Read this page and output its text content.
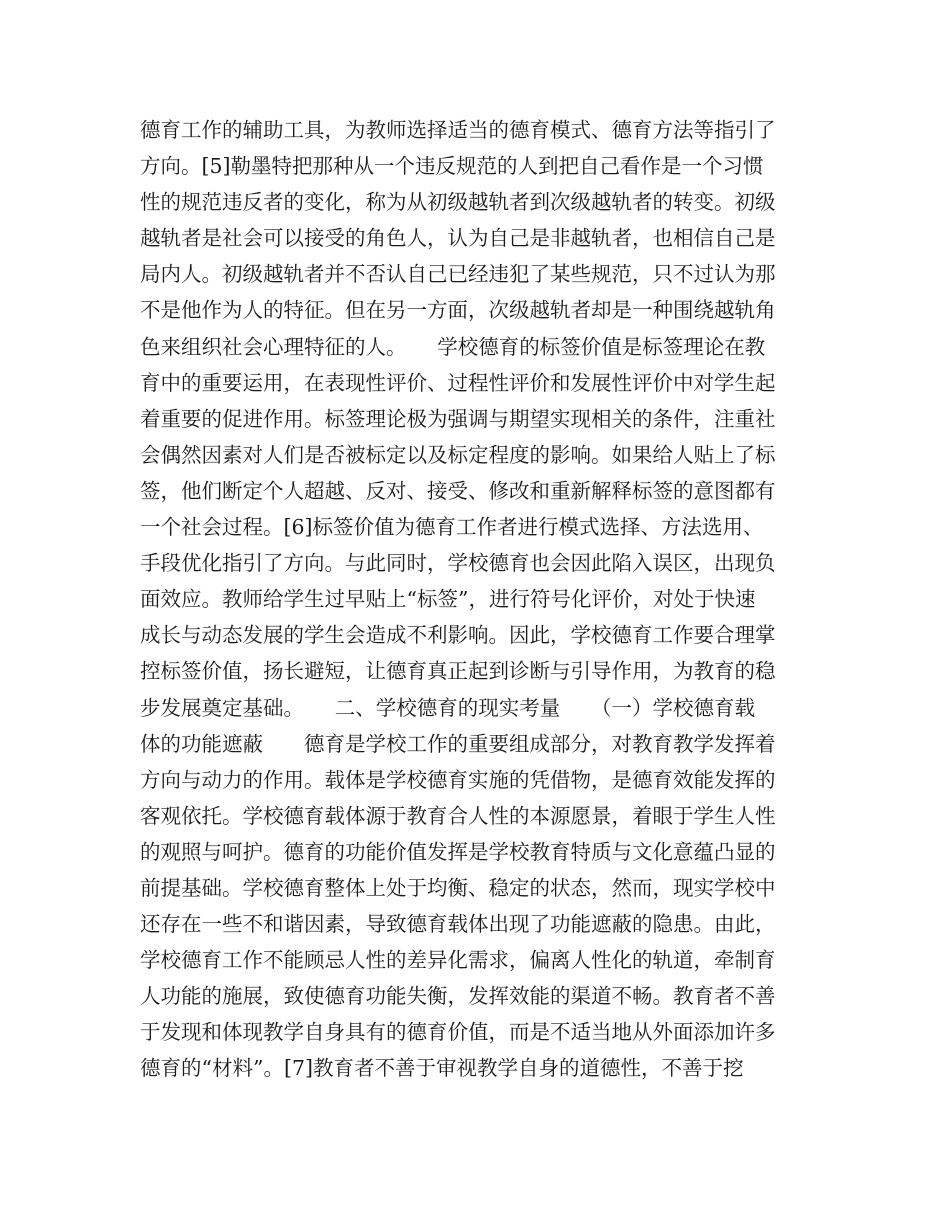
德育工作的辅助工具，为教师选择适当的德育模式、德育方法等指引了
方向。[5]勒墨特把那种从一个违反规范的人到把自己看作是一个习惯
性的规范违反者的变化，称为从初级越轨者到次级越轨者的转变。初级
越轨者是社会可以接受的角色人，认为自己是非越轨者，也相信自己是
局内人。初级越轨者并不否认自己已经违犯了某些规范，只不过认为那
不是他作为人的特征。但在另一方面，次级越轨者却是一种围绕越轨角
色来组织社会心理特征的人。　　学校德育的标签价值是标签理论在教
育中的重要运用，在表现性评价、过程性评价和发展性评价中对学生起
着重要的促进作用。标签理论极为强调与期望实现相关的条件，注重社
会偶然因素对人们是否被标定以及标定程度的影响。如果给人贴上了标
签，他们断定个人超越、反对、接受、修改和重新解释标签的意图都有
一个社会过程。[6]标签价值为德育工作者进行模式选择、方法选用、
手段优化指引了方向。与此同时，学校德育也会因此陷入误区，出现负
面效应。教师给学生过早贴上“标签”，进行符号化评价，对处于快速
成长与动态发展的学生会造成不利影响。因此，学校德育工作要合理掌
控标签价值，扬长避短，让德育真正起到诊断与引导作用，为教育的稳
步发展奠定基础。　　二、学校德育的现实考量　　（一）学校德育载
体的功能遮蔽　　德育是学校工作的重要组成部分，对教育教学发挥着
方向与动力的作用。载体是学校德育实施的凭借物，是德育效能发挥的
客观依托。学校德育载体源于教育合人性的本源愿景，着眼于学生人性
的观照与呵护。德育的功能价值发挥是学校教育特质与文化意蕴凸显的
前提基础。学校德育整体上处于均衡、稳定的状态，然而，现实学校中
还存在一些不和谐因素，导致德育载体出现了功能遮蔽的隐患。由此，
学校德育工作不能顾忌人性的差异化需求，偏离人性化的轨道，牵制育
人功能的施展，致使德育功能失衡，发挥效能的渠道不畅。教育者不善
于发现和体现教学自身具有的德育价值，而是不适当地从外面添加许多
德育的“材料”。[7]教育者不善于审视教学自身的道德性，不善于挖
